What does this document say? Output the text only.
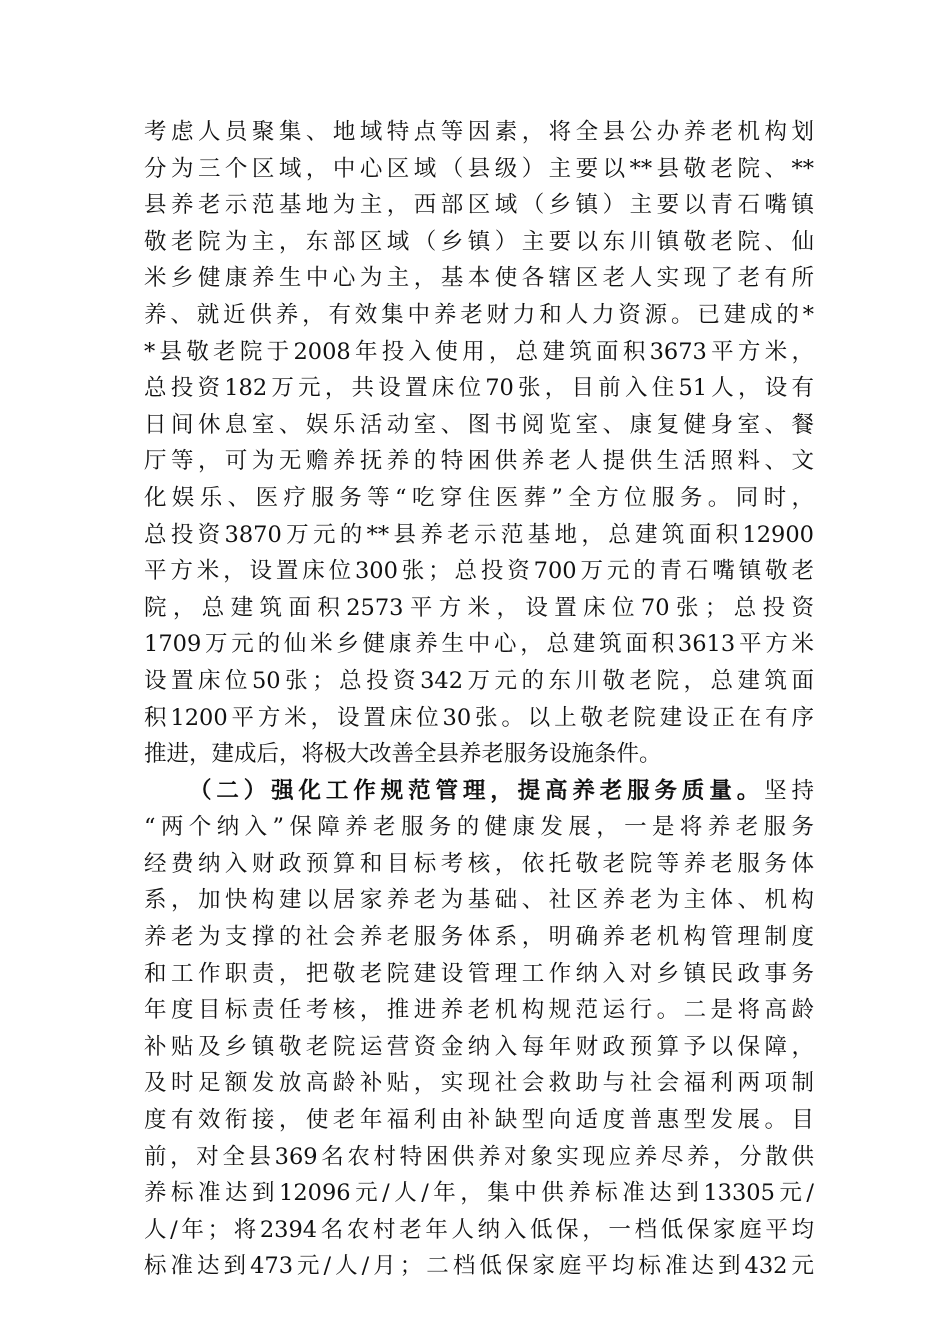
考虑人员聚集、地域特点等因素，将全县公办养老机构划
分为三个区域，中心区域（县级）主要以**县敬老院、**
县养老示范基地为主，西部区域（乡镇）主要以青石嘴镇
敬老院为主，东部区域（乡镇）主要以东川镇敬老院、仙
米乡健康养生中心为主，基本使各辖区老人实现了老有所
养、就近供养，有效集中养老财力和人力资源。已建成的*
*县敬老院于2008年投入使用，总建筑面积3673平方米，
总投资182万元，共设置床位70张，目前入住51人，设有
日间休息室、娱乐活动室、图书阅览室、康复健身室、餐
厅等，可为无赡养抚养的特困供养老人提供生活照料、文
化娱乐、医疗服务等“吃穿住医葬”全方位服务。同时，
总投资3870万元的**县养老示范基地，总建筑面积12900
平方米，设置床位300张；总投资700万元的青石嘴镇敬老
院，总建筑面积2573平方米，设置床位70张；总投资
1709万元的仙米乡健康养生中心，总建筑面积3613平方米
设置床位50张；总投资342万元的东川敬老院，总建筑面
积1200平方米，设置床位30张。以上敬老院建设正在有序
推进，建成后，将极大改善全县养老服务设施条件。
（二）强化工作规范管理，提高养老服务质量。坚持
“两个纳入”保障养老服务的健康发展，一是将养老服务
经费纳入财政预算和目标考核，依托敬老院等养老服务体
系，加快构建以居家养老为基础、社区养老为主体、机构
养老为支撑的社会养老服务体系，明确养老机构管理制度
和工作职责，把敬老院建设管理工作纳入对乡镇民政事务
年度目标责任考核，推进养老机构规范运行。二是将高龄
补贴及乡镇敬老院运营资金纳入每年财政预算予以保障，
及时足额发放高龄补贴，实现社会救助与社会福利两项制
度有效衔接，使老年福利由补缺型向适度普惠型发展。目
前，对全县369名农村特困供养对象实现应养尽养，分散供
养标准达到12096元/人/年，集中供养标准达到13305元/
人/年；将2394名农村老年人纳入低保，一档低保家庭平均
标准达到473元/人/月；二档低保家庭平均标准达到432元
